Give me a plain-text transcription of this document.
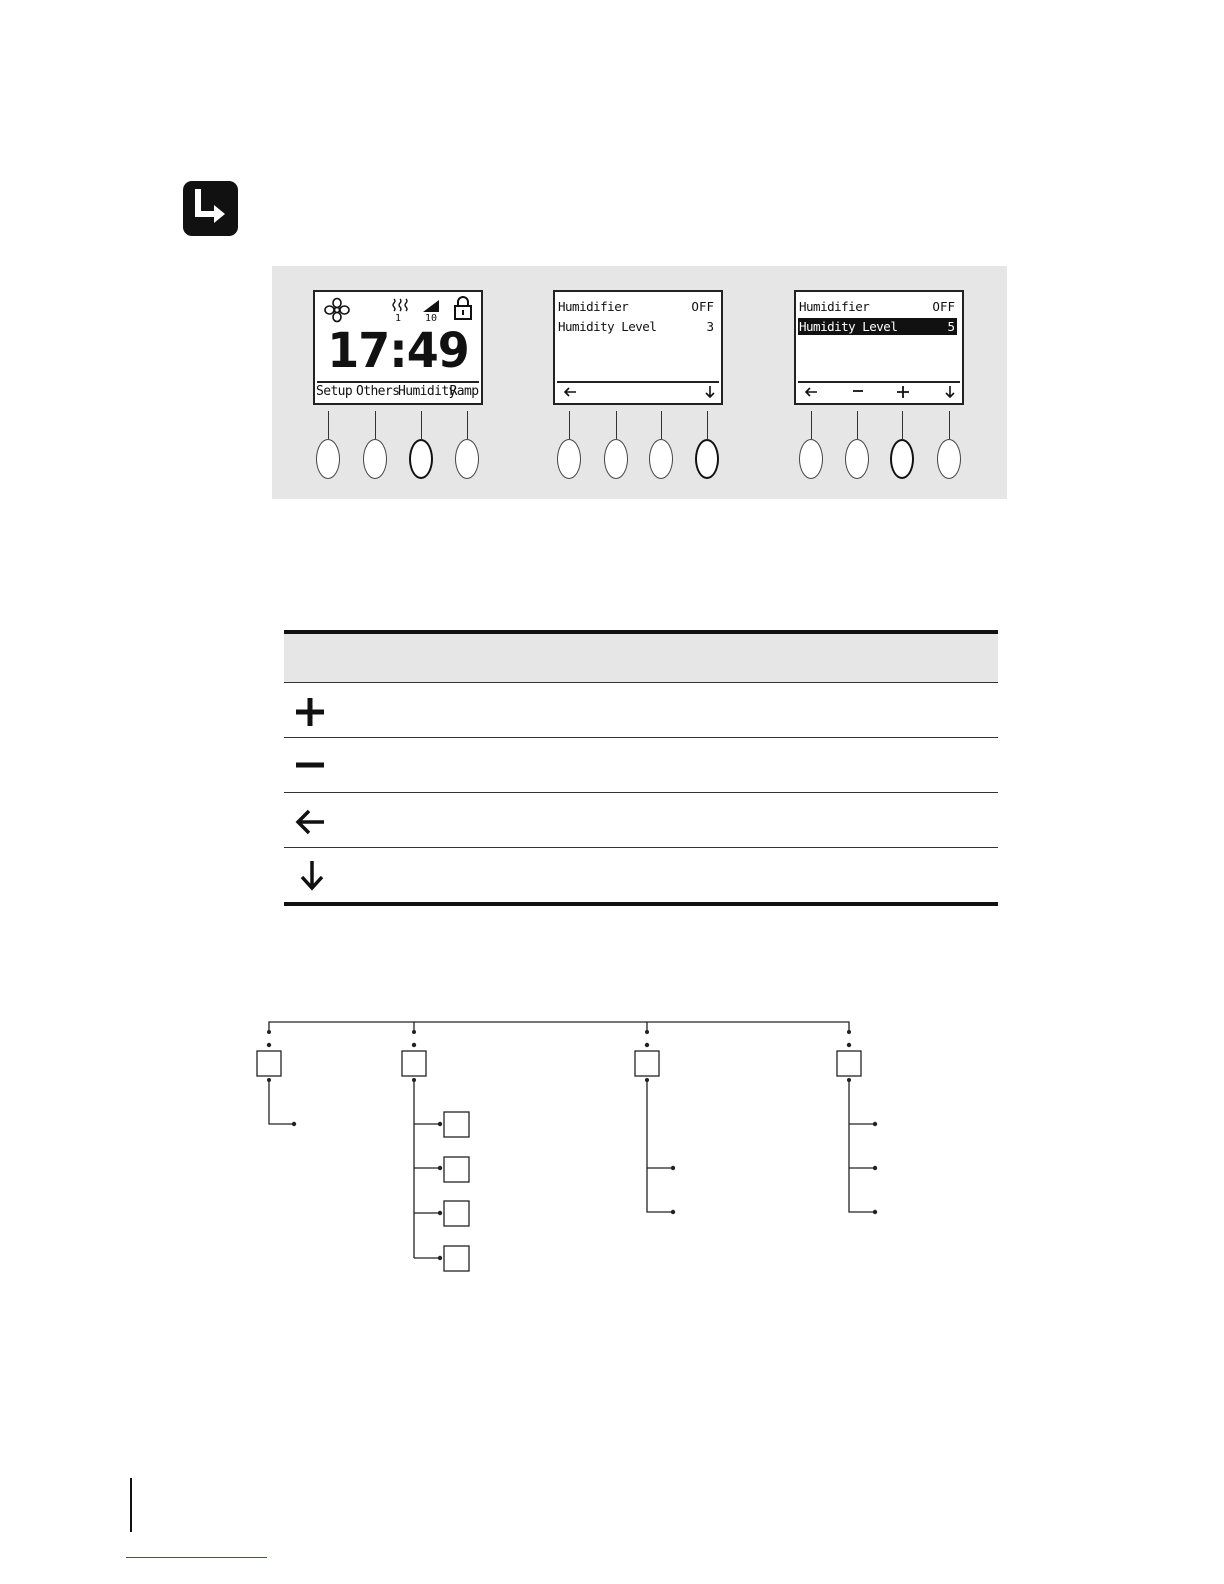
1 10
17:49
Setup Others
Humidity
Ramp
Humidifier	OFF
Humidity Level	3
Humidifier	OFF
Humidity Level	5
